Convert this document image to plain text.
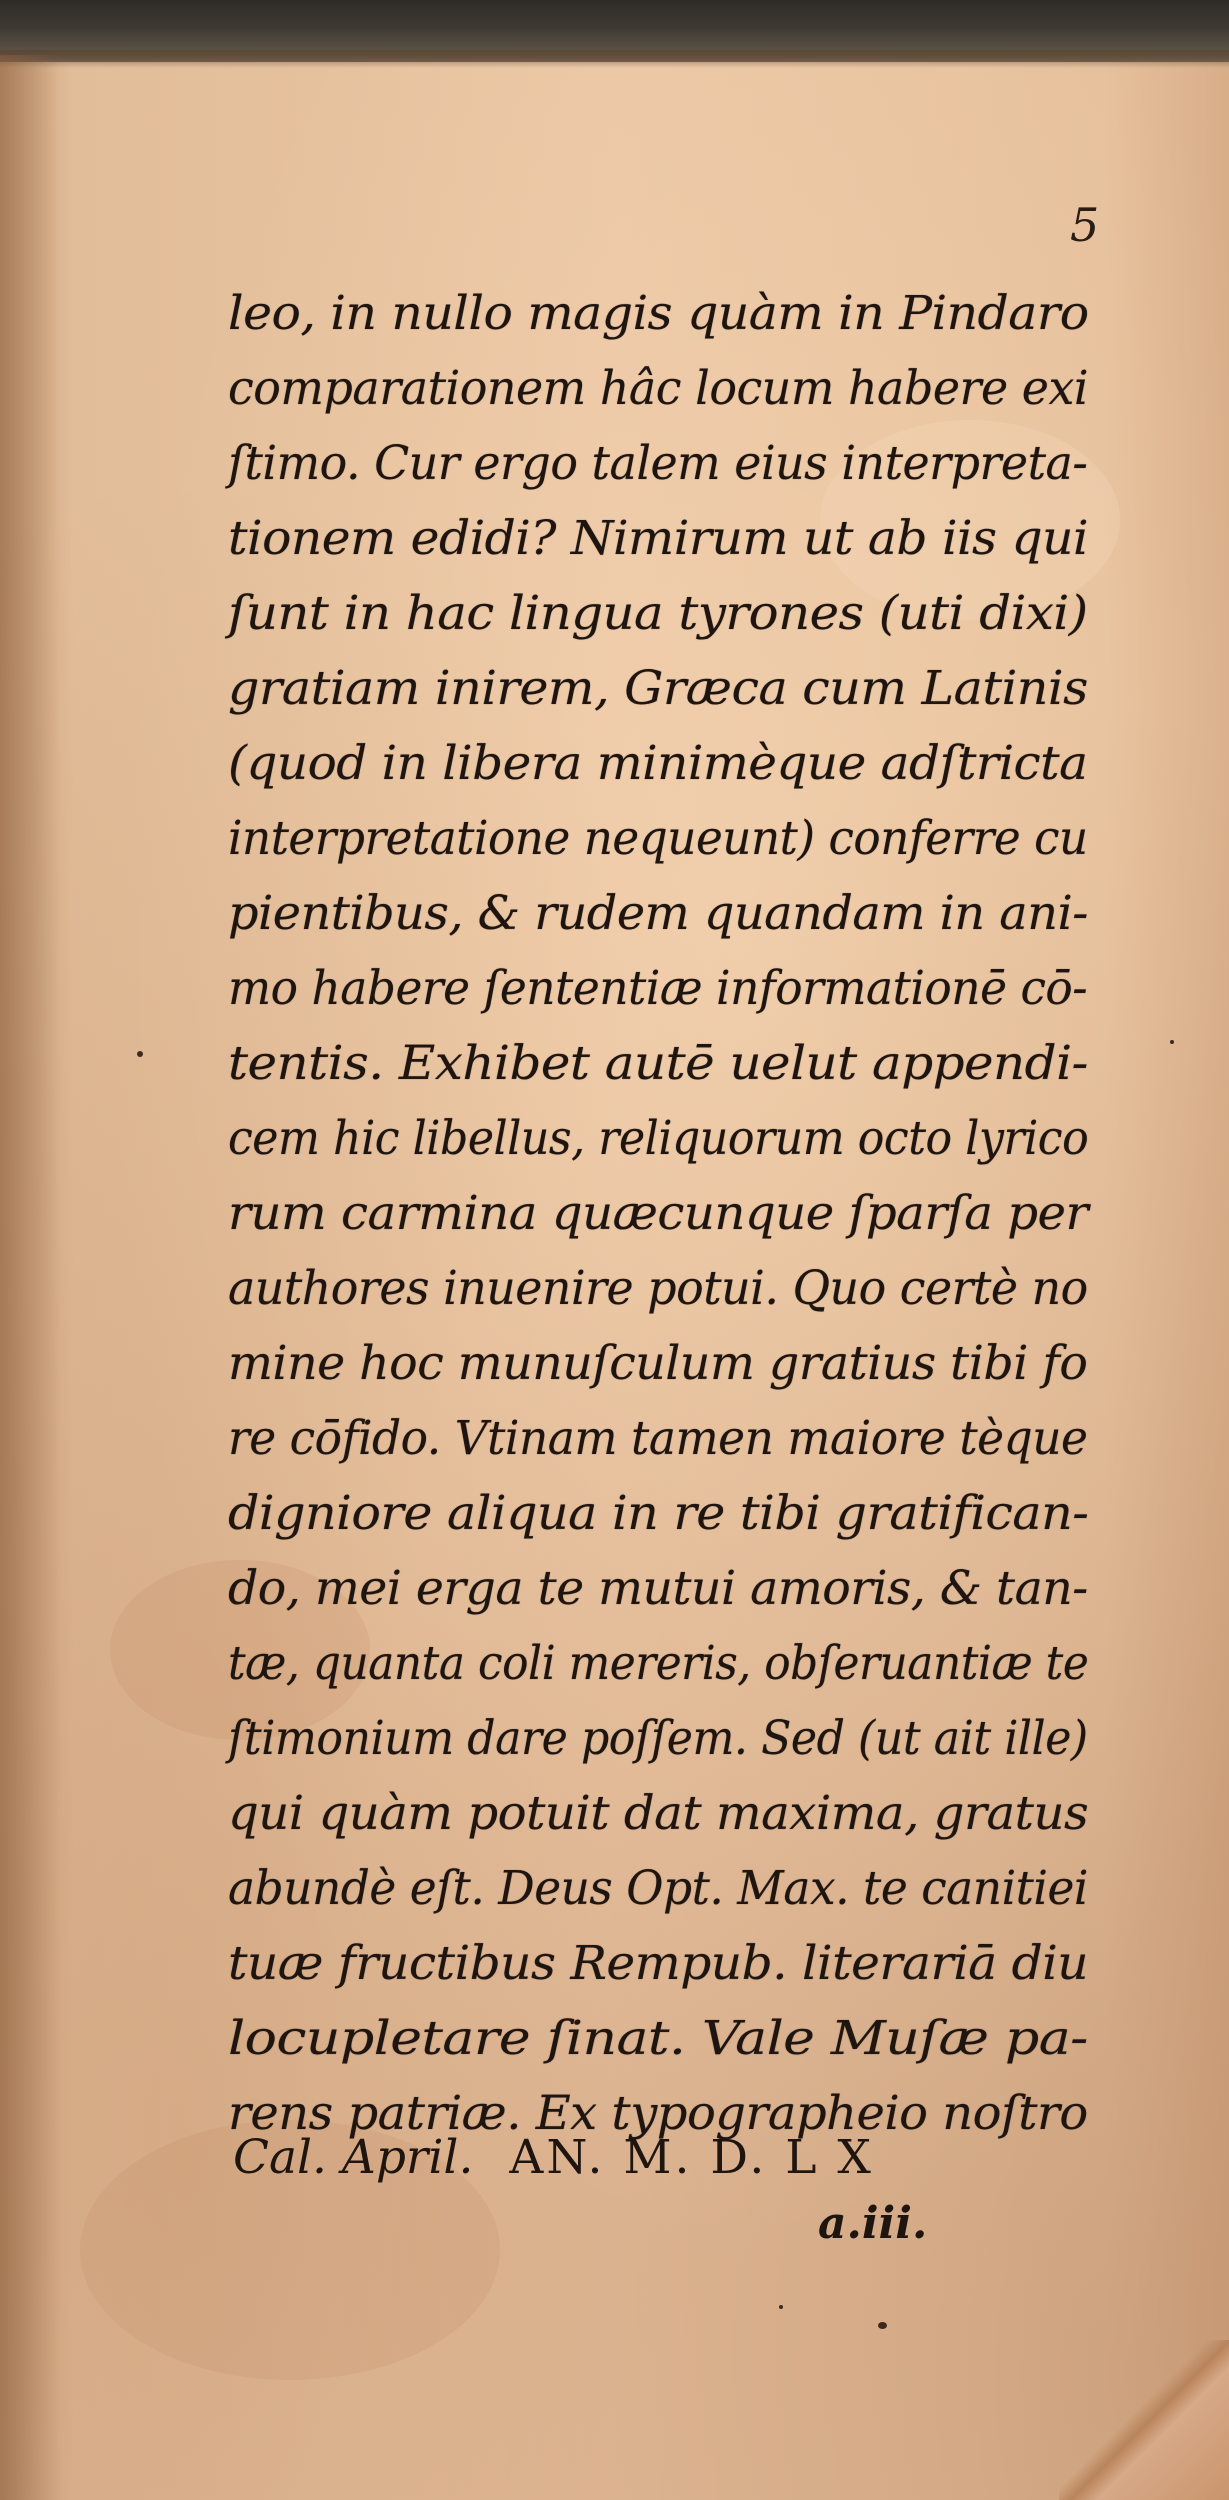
5
leo, in nullo magis quàm in Pindaro
comparationem hâc locum habere exi
ſtimo. Cur ergo talem eius interpreta-
tionem edidi? Nimirum ut ab iis qui
ſunt in hac lingua tyrones (uti dixi)
gratiam inirem, Græca cum Latinis
(quod in libera minimèque adſtricta
interpretatione nequeunt) conferre cu
pientibus, & rudem quandam in ani-
mo habere ſententiæ informationē cō-
tentis. Exhibet autē uelut appendi-
cem hic libellus, reliquorum octo lyrico
rum carmina quæcunque ſparſa per
authores inuenire potui. Quo certè no
mine hoc munuſculum gratius tibi fo
re cōfido. Vtinam tamen maiore tèque
digniore aliqua in re tibi gratifican-
do, mei erga te mutui amoris, & tan-
tæ, quanta coli mereris, obſeruantiæ te
ſtimonium dare poſſem. Sed (ut ait ille)
qui quàm potuit dat maxima, gratus
abundè eſt. Deus Opt. Max. te canitiei
tuæ fructibus Rempub. literariā diu
locupletare ſinat. Vale Muſæ pa-
rens patriæ. Ex typographeio noſtro
Cal. April. AN. M. D. L X
a.iii.
